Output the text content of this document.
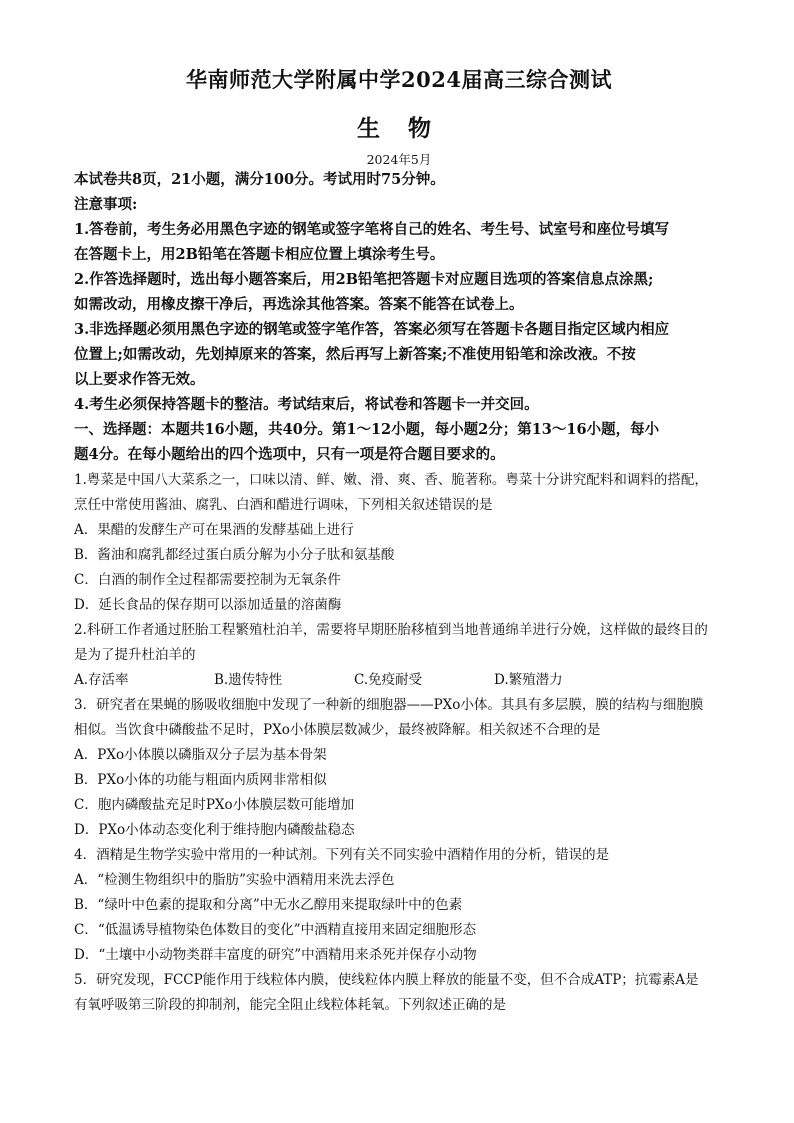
华南师范大学附属中学2024届高三综合测试
生 物
2024年5月
本试卷共8页，21小题，满分100分。考试用时75分钟。
注意事项:
1.答卷前，考生务必用黑色字迹的钢笔或签字笔将自己的姓名、考生号、试室号和座位号填写
在答题卡上，用2B铅笔在答题卡相应位置上填涂考生号。
2.作答选择题时，选出每小题答案后，用2B铅笔把答题卡对应题目选项的答案信息点涂黑;
如需改动，用橡皮擦干净后，再选涂其他答案。答案不能答在试卷上。
3.非选择题必须用黑色字迹的钢笔或签字笔作答，答案必须写在答题卡各题目指定区域内相应
位置上;如需改动，先划掉原来的答案，然后再写上新答案;不准使用铅笔和涂改液。不按
以上要求作答无效。
4.考生必须保持答题卡的整洁。考试结束后，将试卷和答题卡一并交回。
一、选择题：本题共16小题，共40分。第1～12小题，每小题2分；第13～16小题，每小
题4分。在每小题给出的四个选项中，只有一项是符合题目要求的。
1.粤菜是中国八大菜系之一，口味以清、鲜、嫩、滑、爽、香、脆著称。粤菜十分讲究配料和调料的搭配，
烹任中常使用酱油、腐乳、白酒和醋进行调味，下列相关叙述错误的是
A．果醋的发酵生产可在果酒的发酵基础上进行
B．酱油和腐乳都经过蛋白质分解为小分子肽和氨基酸
C．白酒的制作全过程都需要控制为无氧条件
D．延长食品的保存期可以添加适量的溶菌酶
2.科研工作者通过胚胎工程繁殖杜泊羊，需要将早期胚胎移植到当地普通绵羊进行分娩，这样做的最终目的
是为了提升杜泊羊的
A.存活率	B.遗传特性	C.免疫耐受	D.繁殖潜力
3．研究者在果蝇的肠吸收细胞中发现了一种新的细胞器——PXo小体。其具有多层膜，膜的结构与细胞膜
相似。当饮食中磷酸盐不足时，PXo小体膜层数减少，最终被降解。相关叙述不合理的是
A．PXo小体膜以磷脂双分子层为基本骨架
B．PXo小体的功能与粗面内质网非常相似
C．胞内磷酸盐充足时PXo小体膜层数可能增加
D．PXo小体动态变化利于维持胞内磷酸盐稳态
4．酒精是生物学实验中常用的一种试剂。下列有关不同实验中酒精作用的分析，错误的是
A．“检测生物组织中的脂肪”实验中酒精用来洗去浮色
B．“绿叶中色素的提取和分离”中无水乙醇用来提取绿叶中的色素
C．“低温诱导植物染色体数目的变化”中酒精直接用来固定细胞形态
D．“土壤中小动物类群丰富度的研究”中酒精用来杀死并保存小动物
5．研究发现，FCCP能作用于线粒体内膜，使线粒体内膜上释放的能量不变，但不合成ATP；抗霉素A是
有氧呼吸第三阶段的抑制剂，能完全阻止线粒体耗氧。下列叙述正确的是
